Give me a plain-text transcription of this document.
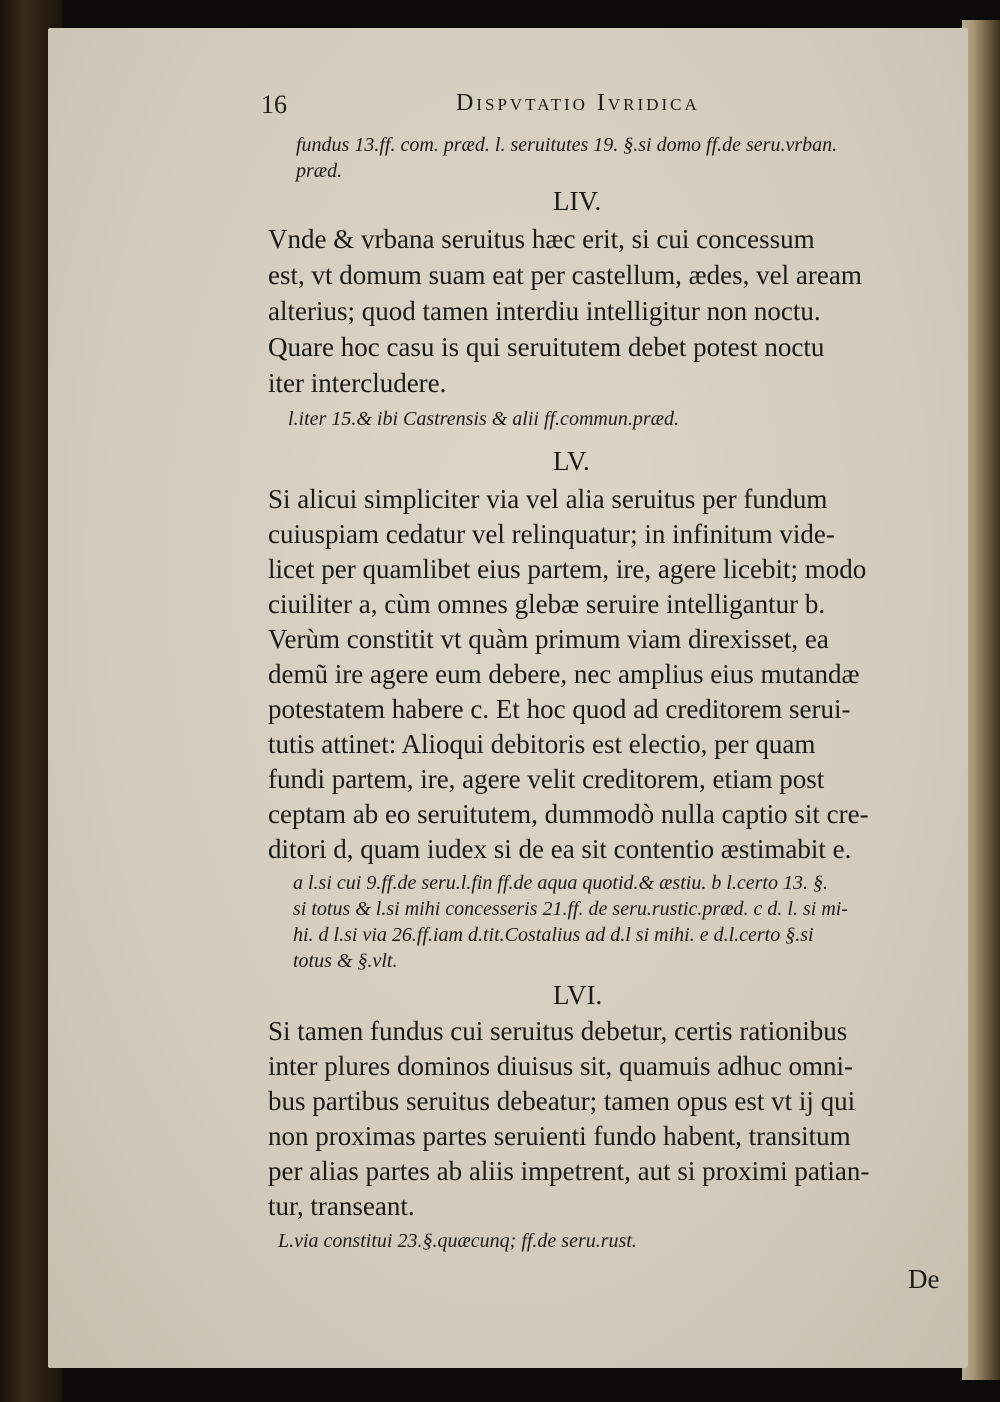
16	Dispvtatio Ivridica
fundus 13.ff. com. præd. l. seruitutes 19. §.si domo ff.de seru.vrban.
præd.
LIV.
Vnde & vrbana seruitus hæc erit, si cui concessum
est, vt domum suam eat per castellum, ædes, vel aream
alterius; quod tamen interdiu intelligitur non noctu.
Quare hoc casu is qui seruitutem debet potest noctu
iter intercludere.
l.iter 15.& ibi Castrensis & alii ff.commun.præd.
LV.
Si alicui simpliciter via vel alia seruitus per fundum
cuiuspiam cedatur vel relinquatur; in infinitum vide-
licet per quamlibet eius partem, ire, agere licebit; modo
ciuiliter a, cùm omnes glebæ seruire intelligantur b.
Verùm constitit vt quàm primum viam direxisset, ea
demũ ire agere eum debere, nec amplius eius mutandæ
potestatem habere c. Et hoc quod ad creditorem serui-
tutis attinet: Alioqui debitoris est electio, per quam
fundi partem, ire, agere velit creditorem, etiam post
ceptam ab eo seruitutem, dummodò nulla captio sit cre-
ditori d, quam iudex si de ea sit contentio æstimabit e.
a l.si cui 9.ff.de seru.l.fin ff.de aqua quotid.& æstiu. b l.certo 13. §.
si totus & l.si mihi concesseris 21.ff. de seru.rustic.præd. c d. l. si mi-
hi. d l.si via 26.ff.iam d.tit.Costalius ad d.l si mihi. e d.l.certo §.si
totus & §.vlt.
LVI.
Si tamen fundus cui seruitus debetur, certis rationibus
inter plures dominos diuisus sit, quamuis adhuc omni-
bus partibus seruitus debeatur; tamen opus est vt ij qui
non proximas partes seruienti fundo habent, transitum
per alias partes ab aliis impetrent, aut si proximi patian-
tur, transeant.
L.via constitui 23.§.quæcunq; ff.de seru.rust.
De
